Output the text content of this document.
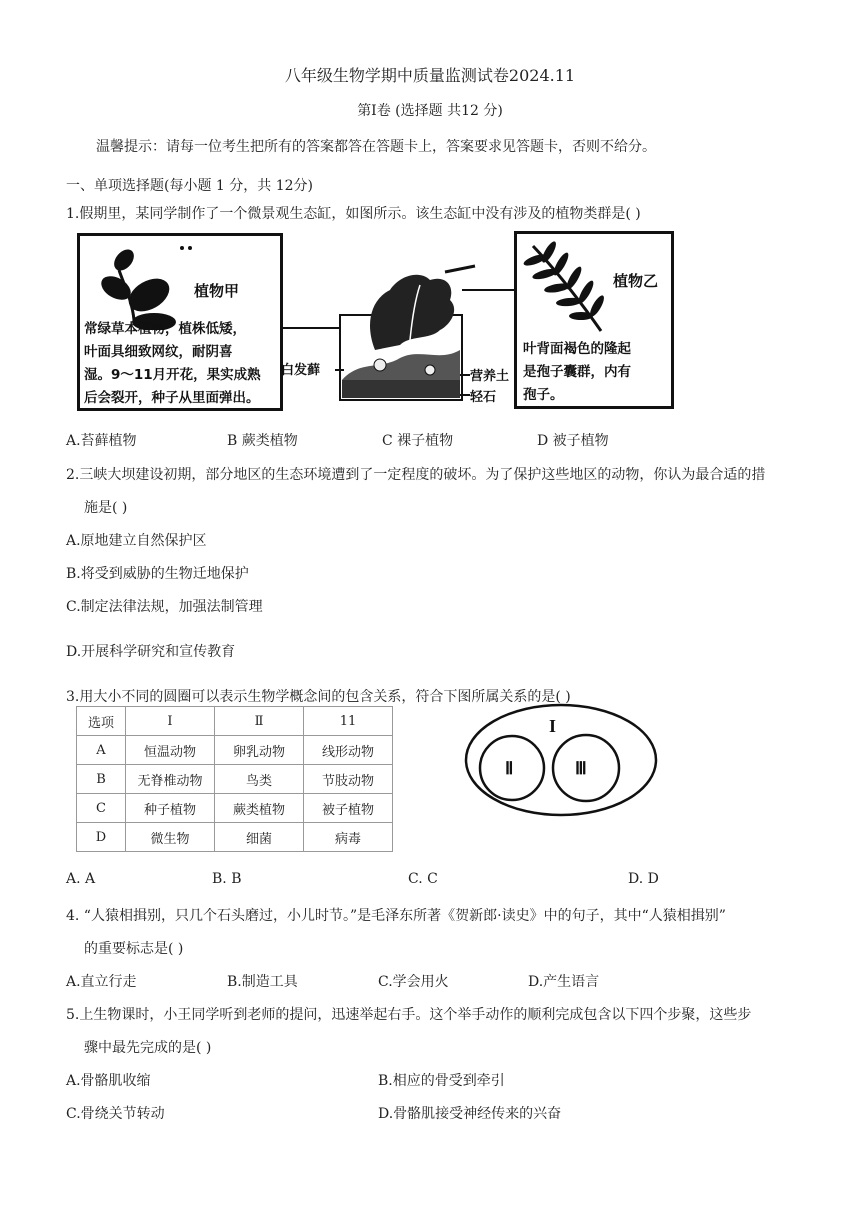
八年级生物学期中质量监测试卷2024.11
第Ⅰ卷 (选择题 共12 分)
温馨提示：请每一位考生把所有的答案都答在答题卡上，答案要求见答题卡，否则不给分。
一、单项选择题(每小题 1 分，共 12分)
1.假期里，某同学制作了一个微景观生态缸，如图所示。该生态缸中没有涉及的植物类群是( )
植物甲
常绿草本植物，植株低矮，
叶面具细致网纹，耐阴喜
湿。9～11月开花，果实成熟
后会裂开，种子从里面弹出。
白发藓	营养土
轻石
植物乙
叶背面褐色的隆起
是孢子囊群，内有
孢子。
A.苔藓植物	B 蕨类植物	C 裸子植物	D 被子植物
2.三峡大坝建设初期，部分地区的生态环境遭到了一定程度的破坏。为了保护这些地区的动物，你认为最合适的措
施是( )
A.原地建立自然保护区
B.将受到威胁的生物迁地保护
C.制定法律法规，加强法制管理
D.开展科学研究和宣传教育
3.用大小不同的圆圈可以表示生物学概念间的包含关系，符合下图所属关系的是( )
选项	I	Ⅱ	11
A	恒温动物	卵乳动物	线形动物
B	无脊椎动物	鸟类	节肢动物
C	种子植物	蕨类植物	被子植物
D	微生物	细菌	病毒
I
Ⅱ	Ⅲ
A. A	B. B	C. C	D. D
4. “人猿相揖别，只几个石头磨过，小儿时节。”是毛泽东所著《贺新郎·读史》中的句子，其中“人猿相揖别”
的重要标志是( )
A.直立行走	B.制造工具	C.学会用火	D.产生语言
5.上生物课时，小王同学听到老师的提问，迅速举起右手。这个举手动作的顺利完成包含以下四个步聚，这些步
骤中最先完成的是( )
A.骨骼肌收缩	B.相应的骨受到牵引
C.骨绕关节转动	D.骨骼肌接受神经传来的兴奋
